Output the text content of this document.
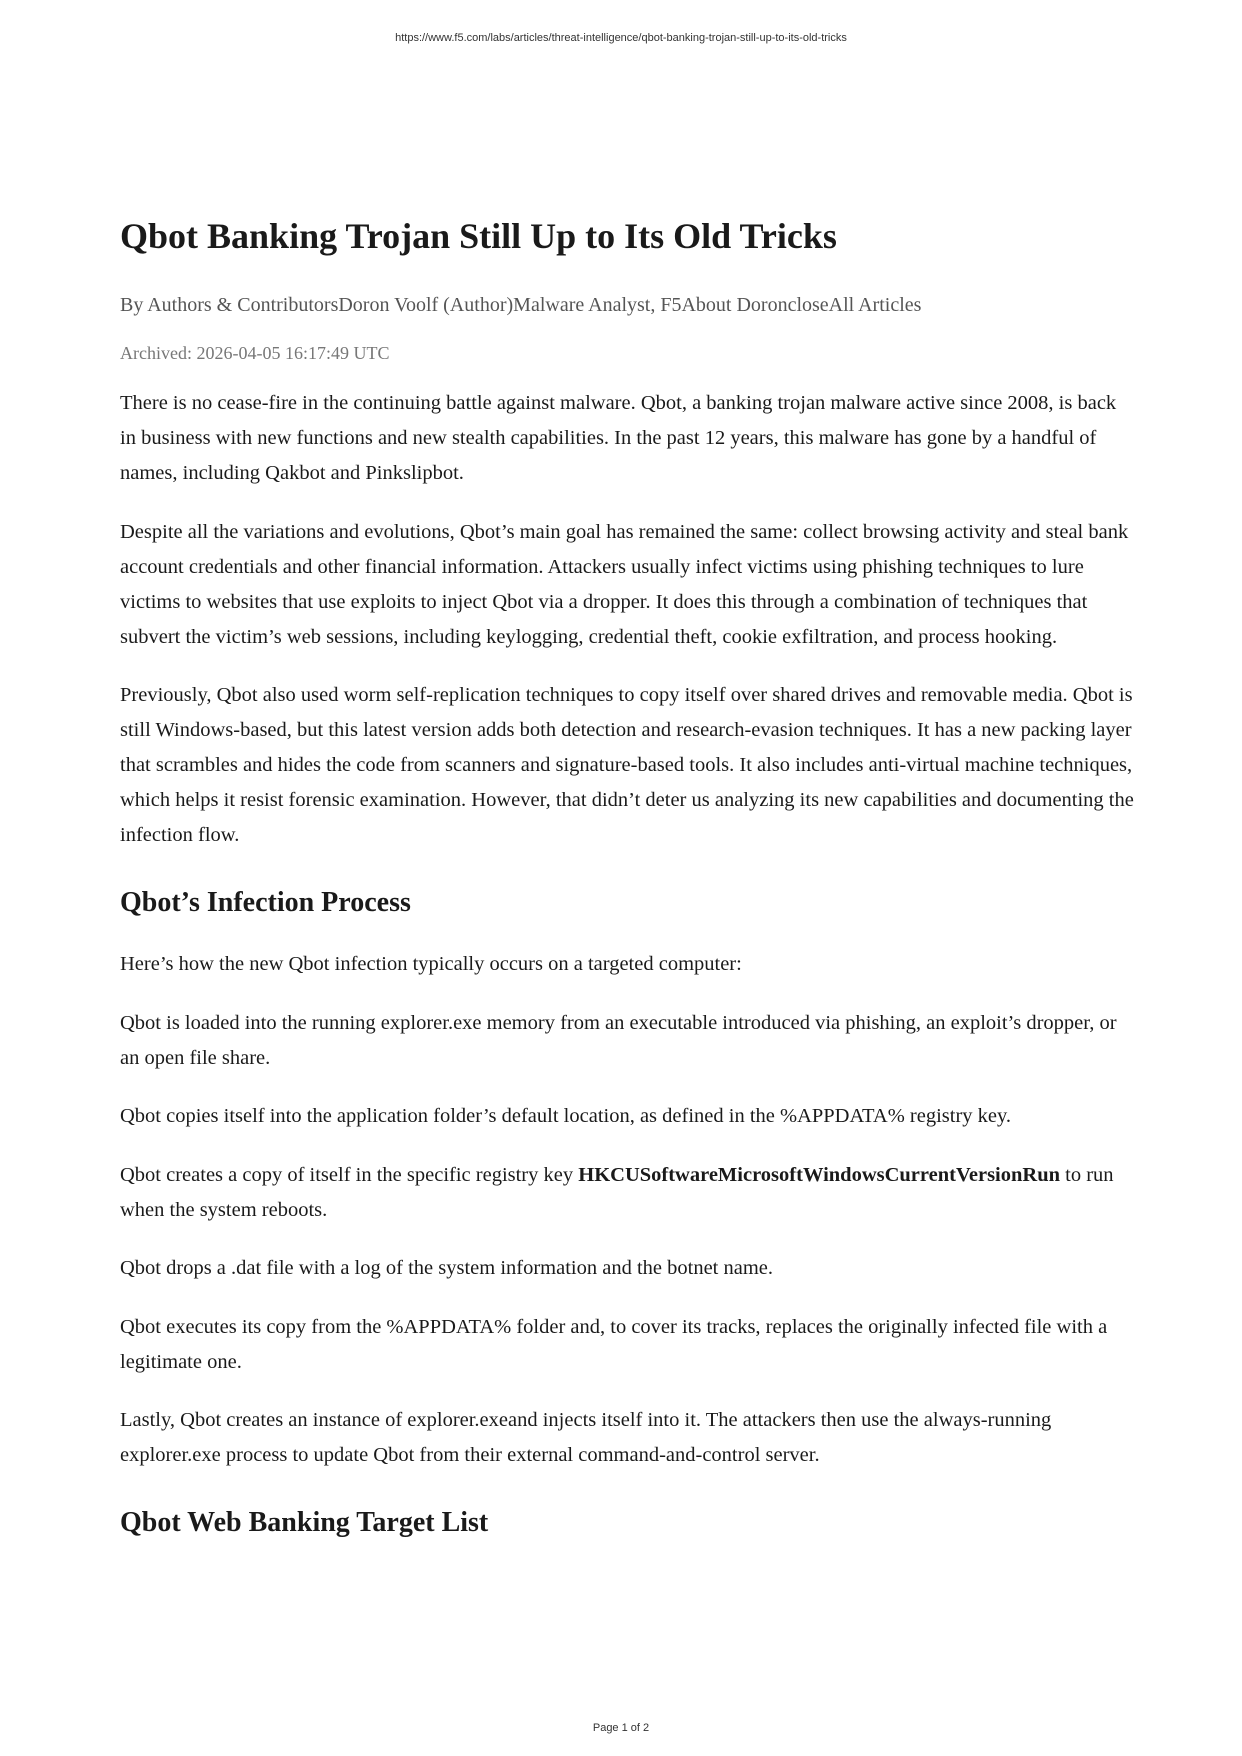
https://www.f5.com/labs/articles/threat-intelligence/qbot-banking-trojan-still-up-to-its-old-tricks
Qbot Banking Trojan Still Up to Its Old Tricks
By Authors & ContributorsDoron Voolf (Author)Malware Analyst, F5About DoroncloseAll Articles
Archived: 2026-04-05 16:17:49 UTC

There is no cease-fire in the continuing battle against malware. Qbot, a banking trojan malware active since 2008, is back in business with new functions and new stealth capabilities. In the past 12 years, this malware has gone by a handful of names, including Qakbot and Pinkslipbot.

Despite all the variations and evolutions, Qbot’s main goal has remained the same: collect browsing activity and steal bank account credentials and other financial information. Attackers usually infect victims using phishing techniques to lure victims to websites that use exploits to inject Qbot via a dropper. It does this through a combination of techniques that subvert the victim’s web sessions, including keylogging, credential theft, cookie exfiltration, and process hooking.

Previously, Qbot also used worm self-replication techniques to copy itself over shared drives and removable media. Qbot is still Windows-based, but this latest version adds both detection and research-evasion techniques. It has a new packing layer that scrambles and hides the code from scanners and signature-based tools. It also includes anti-virtual machine techniques, which helps it resist forensic examination. However, that didn’t deter us analyzing its new capabilities and documenting the infection flow.

Qbot’s Infection Process

Here’s how the new Qbot infection typically occurs on a targeted computer:

Qbot is loaded into the running explorer.exe memory from an executable introduced via phishing, an exploit’s dropper, or an open file share.

Qbot copies itself into the application folder’s default location, as defined in the %APPDATA% registry key.

Qbot creates a copy of itself in the specific registry key HKCUSoftwareMicrosoftWindowsCurrentVersionRun to run when the system reboots.

Qbot drops a .dat file with a log of the system information and the botnet name.

Qbot executes its copy from the %APPDATA% folder and, to cover its tracks, replaces the originally infected file with a legitimate one.

Lastly, Qbot creates an instance of explorer.exeand injects itself into it. The attackers then use the always-running explorer.exe process to update Qbot from their external command-and-control server.

Qbot Web Banking Target List
Page 1 of 2
